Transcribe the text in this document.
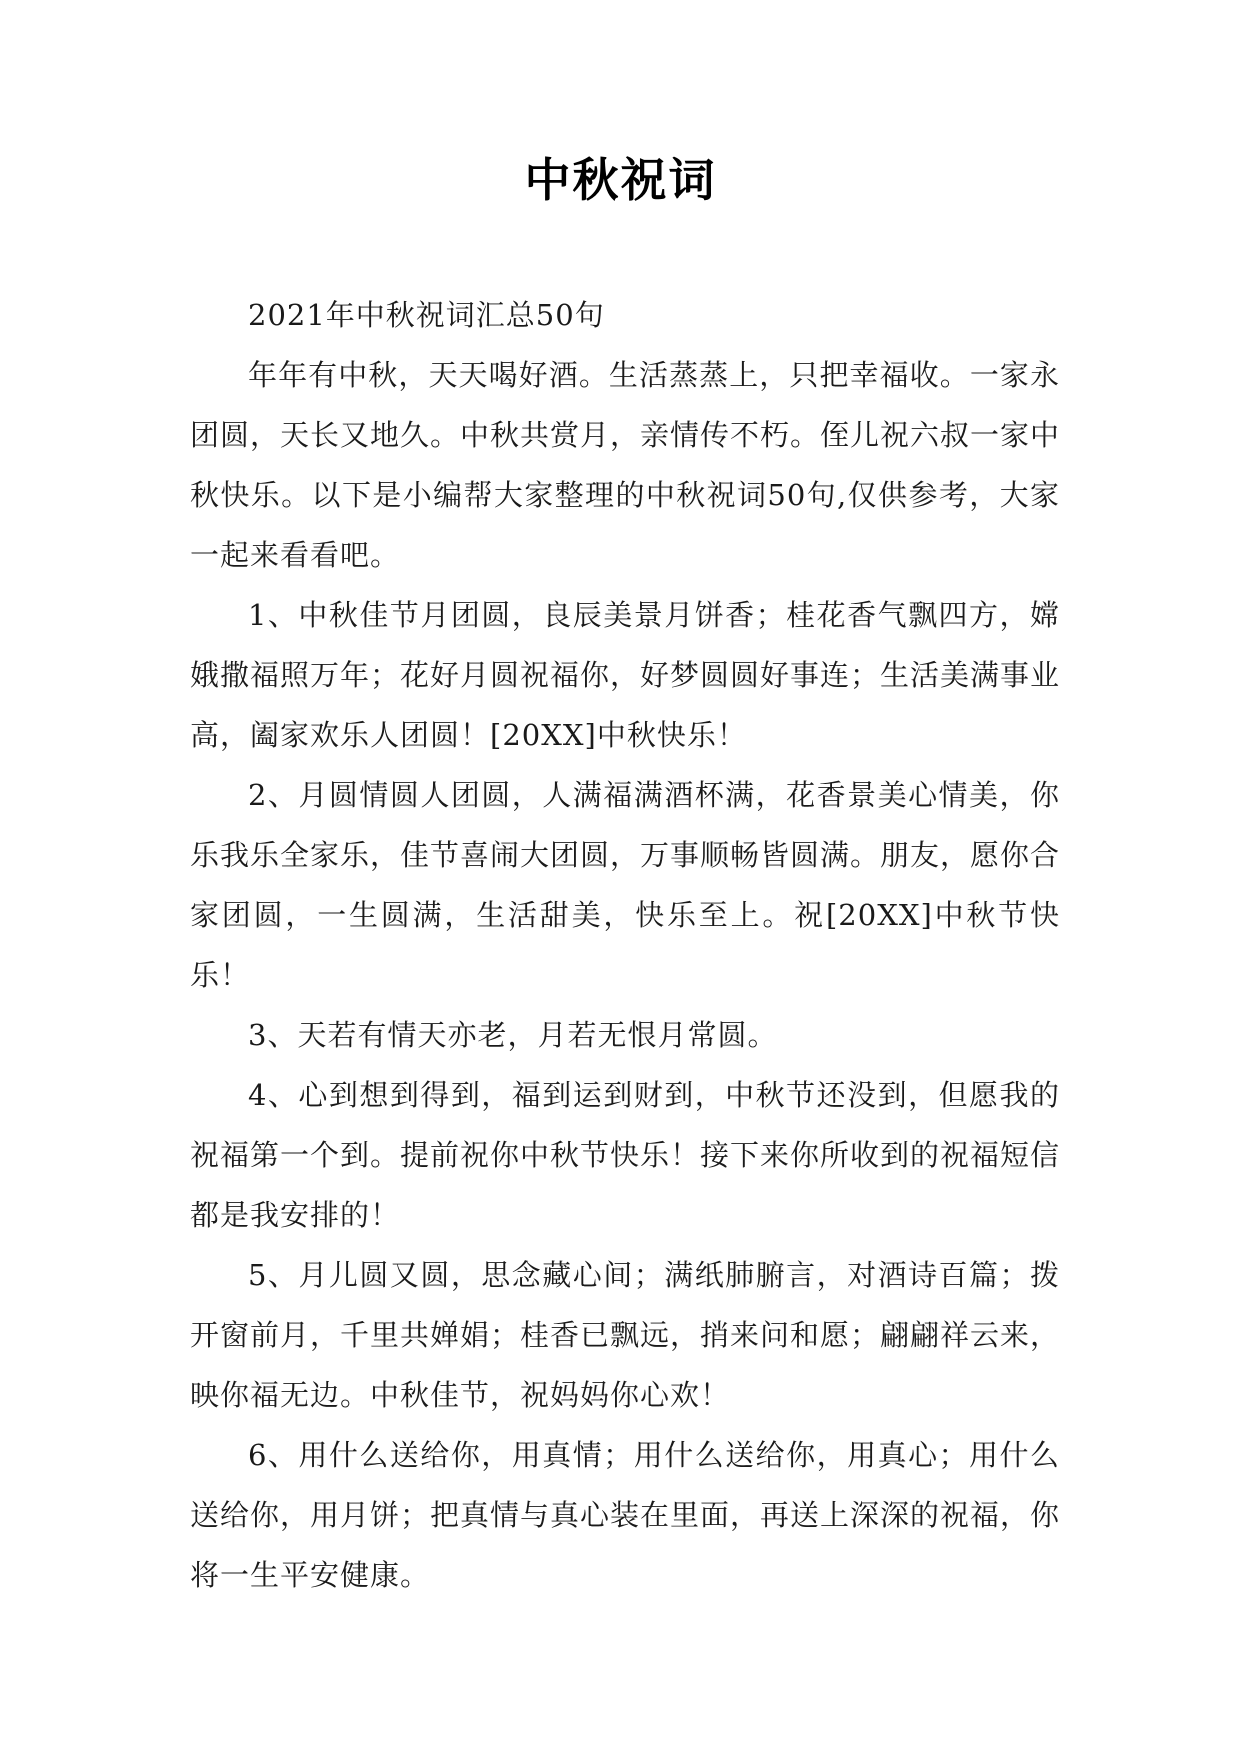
中秋祝词

2021年中秋祝词汇总50句

年年有中秋，天天喝好酒。生活蒸蒸上，只把幸福收。一家永团圆，天长又地久。中秋共赏月，亲情传不朽。侄儿祝六叔一家中秋快乐。以下是小编帮大家整理的中秋祝词50句,仅供参考，大家一起来看看吧。

1、中秋佳节月团圆，良辰美景月饼香；桂花香气飘四方，嫦娥撒福照万年；花好月圆祝福你，好梦圆圆好事连；生活美满事业高，阖家欢乐人团圆！[20XX]中秋快乐！

2、月圆情圆人团圆，人满福满酒杯满，花香景美心情美，你乐我乐全家乐，佳节喜闹大团圆，万事顺畅皆圆满。朋友，愿你合家团圆，一生圆满，生活甜美，快乐至上。祝[20XX]中秋节快乐！

3、天若有情天亦老，月若无恨月常圆。

4、心到想到得到，福到运到财到，中秋节还没到，但愿我的祝福第一个到。提前祝你中秋节快乐！接下来你所收到的祝福短信都是我安排的！

5、月儿圆又圆，思念藏心间；满纸肺腑言，对酒诗百篇；拨开窗前月，千里共婵娟；桂香已飘远，捎来问和愿；翩翩祥云来，映你福无边。中秋佳节，祝妈妈你心欢！

6、用什么送给你，用真情；用什么送给你，用真心；用什么送给你，用月饼；把真情与真心装在里面，再送上深深的祝福，你将一生平安健康。
